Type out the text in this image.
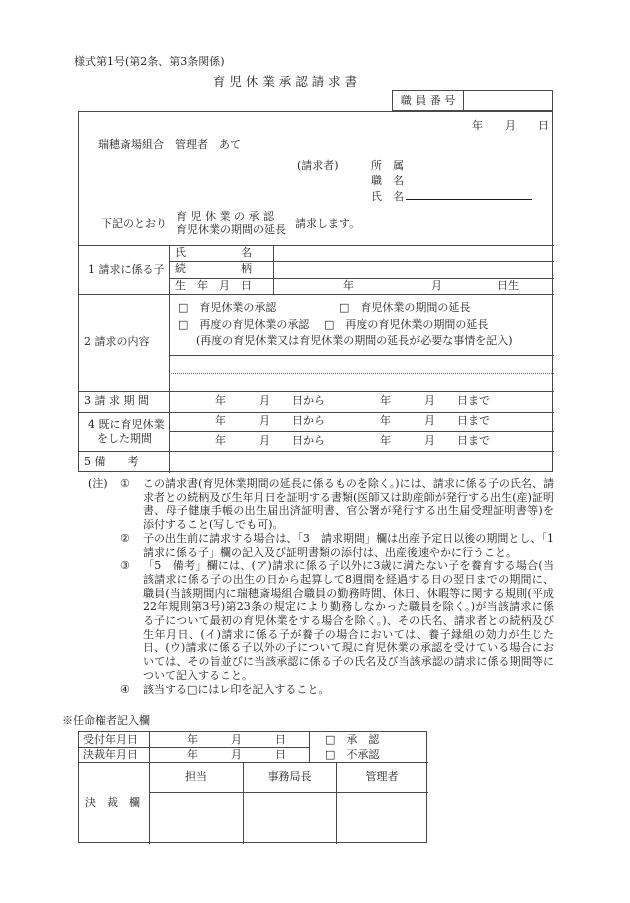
様式第1号(第2条、第3条関係)
育 児 休 業 承 認 請 求 書
職 員 番 号
年　　月　　日
瑞穂斎場組合　管理者　あて
(請求者)	所　属
職　名
氏　名
下記のとおり 育 児 休 業 の 承 認
育児休業の期間の延長 請求します。
1 請求に係る子
氏　　　　　名
続　　　　　柄
生　年　月　日	年　　　　　　　月　　　　　日生
2 請求の内容
□　育児休業の承認	□　育児休業の期間の延長
□　再度の育児休業の承認 □　再度の育児休業の期間の延長
(再度の育児休業又は育児休業の期間の延長が必要な事情を記入)
3 請 求 期 間	年　　　月　　日から　　　　　年　　　月　　日まで
4 既に育児休業をした期間
年　　　月　　日から　　　　　年　　　月　　日まで
年　　　月　　日から　　　　　年　　　月　　日まで
5 備　　考
(注)	①	この請求書(育児休業期間の延長に係るものを除く。)には、請求に係る子の氏名、請求者との続柄及び生年月日を証明する書類(医師又は助産師が発行する出生(産)証明書、母子健康手帳の出生届出済証明書、官公署が発行する出生届受理証明書等)を添付すること(写しでも可)。
②	子の出生前に請求する場合は、「3　請求期間」欄は出産予定日以後の期間とし、「1　請求に係る子」欄の記入及び証明書類の添付は、出産後速やかに行うこと。
③	「5　備考」欄には、(ア)請求に係る子以外に3歳に満たない子を養育する場合(当該請求に係る子の出生の日から起算して8週間を経過する日の翌日までの期間に、職員(当該期間内に瑞穂斎場組合職員の勤務時間、休日、休暇等に関する規則(平成22年規則第3号)第23条の規定により勤務しなかった職員を除く。)が当該請求に係る子について最初の育児休業をする場合を除く。)、その氏名、請求者との続柄及び生年月日、(イ)請求に係る子が養子の場合においては、養子縁組の効力が生じた日、(ウ)請求に係る子以外の子について現に育児休業の承認を受けている場合においては、その旨並びに当該承認に係る子の氏名及び当該承認の請求に係る期間等について記入すること。
④	該当する□にはレ印を記入すること。
※任命権者記入欄
受付年月日	年　　　月　　　日
決裁年月日	年　　　月　　　日
□　承　認
□　不承認
決　裁　欄
担当	事務局長	管理者
